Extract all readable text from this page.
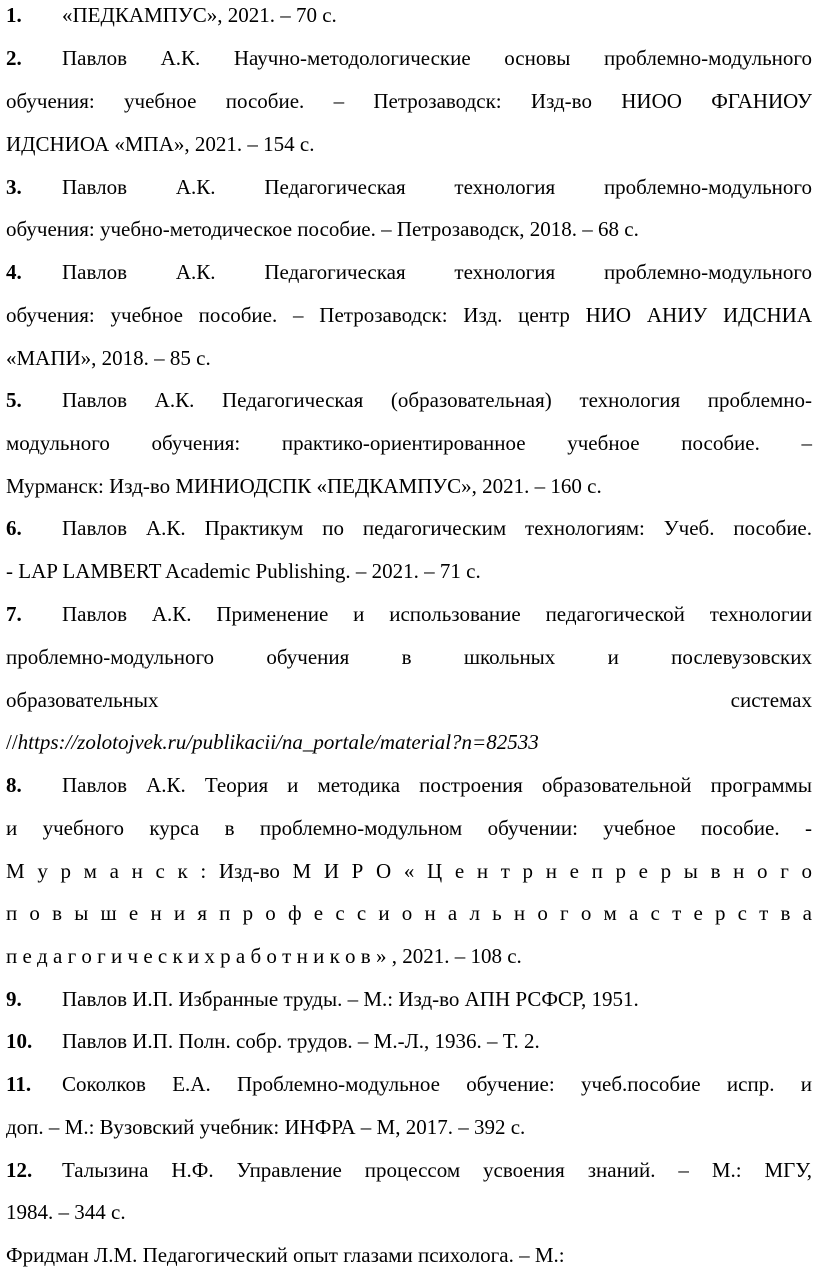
1. «ПЕДКАМПУС», 2021. – 70 с.
2. Павлов А.К. Научно-методологические основы проблемно-модульного
обучения: учебное пособие. – Петрозаводск: Изд-во НИОО ФГАНИОУ
ИДСНИОА «МПА», 2021. – 154 с.
3. Павлов А.К. Педагогическая технология проблемно-модульного
обучения: учебно-методическое пособие. – Петрозаводск, 2018. – 68 с.
4. Павлов А.К. Педагогическая технология проблемно-модульного
обучения: учебное пособие. – Петрозаводск: Изд. центр НИО АНИУ ИДСНИА
«МАПИ», 2018. – 85 с.
5. Павлов А.К. Педагогическая (образовательная) технология проблемно-
модульного обучения: практико-ориентированное учебное пособие. –
Мурманск: Изд-во МИНИОДСПК «ПЕДКАМПУС», 2021. – 160 с.
6. Павлов А.К. Практикум по педагогическим технологиям: Учеб. пособие.
- LAP LAMBERT Academic Publishing. – 2021. – 71 с.
7. Павлов А.К. Применение и использование педагогической технологии
проблемно-модульного обучения в школьных и послевузовских
образовательных системах
//https://zolotojvek.ru/publikacii/na_portale/material?n=82533
8. Павлов А.К. Теория и методика построения образовательной программы
и учебного курса в проблемно-модульном обучении: учебное пособие. -
М у р м а н с к : Изд-во М И Р О « Ц е н т р н е п р е р ы в н о г о
п о в ы ш е н и я п р о ф е с с и о н а л ь н о г о м а с т е р с т в а
п е д а г о г и ч е с к и х р а б о т н и к о в » , 2021. – 108 с.
9. Павлов И.П. Избранные труды. – М.: Изд-во АПН РСФСР, 1951.
10. Павлов И.П. Полн. собр. трудов. – М.-Л., 1936. – Т. 2.
11. Соколков Е.А. Проблемно-модульное обучение: учеб.пособие испр. и
доп. – М.: Вузовский учебник: ИНФРА – М, 2017. – 392 с.
12. Талызина Н.Ф. Управление процессом усвоения знаний. – М.: МГУ,
1984. – 344 с.
Фридман Л.М. Педагогический опыт глазами психолога. – М.:
